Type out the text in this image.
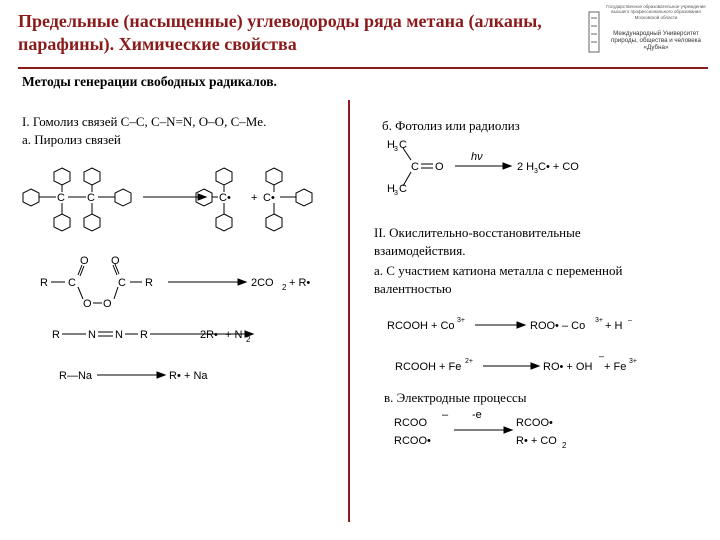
Предельные (насыщенные) углеводороды ряда метана (алканы, парафины). Химические свойства
Государственное образовательное учреждение высшего профессионального образования Московской области
Международный Университет природы, общества и человека «Дубна»
Методы генерации свободных радикалов.
I. Гомолиз связей C–C, C–N=N, O–O, C–Me.
а. Пиролиз связей
C C	C• + C•
R C
O
O O
O
C R	2CO 2 + R•
R	N N R	2R• + N 2
R—Na	R• + Na
б. Фотолиз или радиолиз
H 3 C
C O
H 3 C
hν
2 H 3 C• + CO
II. Окислительно-восстановительные
взаимодействия.
а. С участием катиона металла с переменной
валентностью
RCOOH + Co 3+	ROO• – Co 3+ + H –
RCOOH + Fe 2+	RO• + OH
–
+ Fe 3+
в. Электродные процессы
RCOO
– -e
RCOO•
RCOO•
R• + CO 2
